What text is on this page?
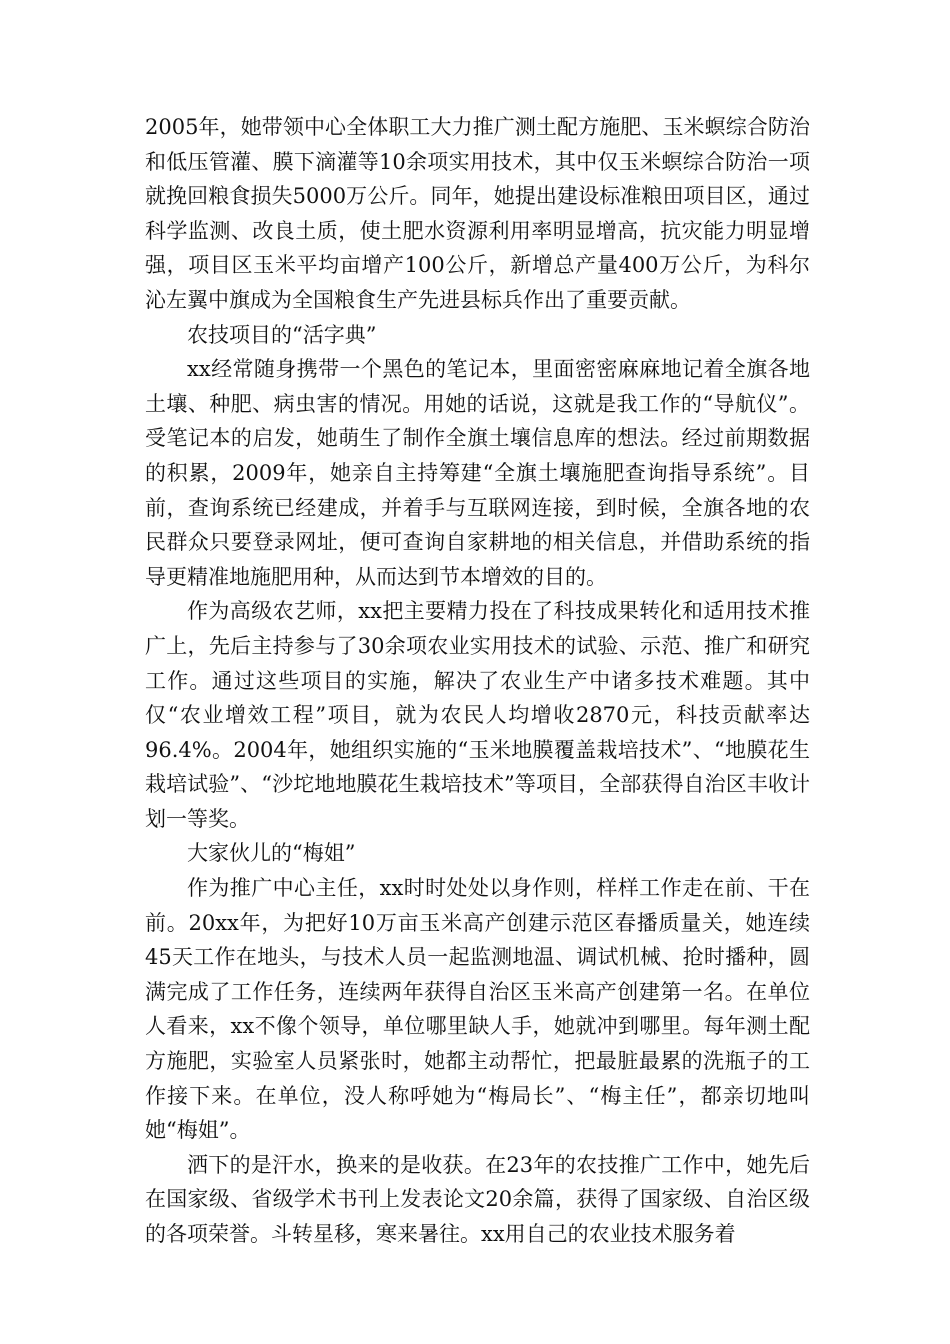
2005年，她带领中心全体职工大力推广测土配方施肥、玉米螟综合防治和低压管灌、膜下滴灌等10余项实用技术，其中仅玉米螟综合防治一项就挽回粮食损失5000万公斤。同年，她提出建设标准粮田项目区，通过科学监测、改良土质，使土肥水资源利用率明显增高，抗灾能力明显增强，项目区玉米平均亩增产100公斤，新增总产量400万公斤，为科尔沁左翼中旗成为全国粮食生产先进县标兵作出了重要贡献。

农技项目的“活字典”

xx经常随身携带一个黑色的笔记本，里面密密麻麻地记着全旗各地土壤、种肥、病虫害的情况。用她的话说，这就是我工作的“导航仪”。受笔记本的启发，她萌生了制作全旗土壤信息库的想法。经过前期数据的积累，2009年，她亲自主持筹建“全旗土壤施肥查询指导系统”。目前，查询系统已经建成，并着手与互联网连接，到时候，全旗各地的农民群众只要登录网址，便可查询自家耕地的相关信息，并借助系统的指导更精准地施肥用种，从而达到节本增效的目的。

作为高级农艺师，xx把主要精力投在了科技成果转化和适用技术推广上，先后主持参与了30余项农业实用技术的试验、示范、推广和研究工作。通过这些项目的实施，解决了农业生产中诸多技术难题。其中仅“农业增效工程”项目，就为农民人均增收2870元，科技贡献率达96.4%。2004年，她组织实施的“玉米地膜覆盖栽培技术”、“地膜花生栽培试验”、“沙坨地地膜花生栽培技术”等项目，全部获得自治区丰收计划一等奖。

大家伙儿的“梅姐”

作为推广中心主任，xx时时处处以身作则，样样工作走在前、干在前。20xx年，为把好10万亩玉米高产创建示范区春播质量关，她连续45天工作在地头，与技术人员一起监测地温、调试机械、抢时播种，圆满完成了工作任务，连续两年获得自治区玉米高产创建第一名。在单位人看来，xx不像个领导，单位哪里缺人手，她就冲到哪里。每年测土配方施肥，实验室人员紧张时，她都主动帮忙，把最脏最累的洗瓶子的工作接下来。在单位，没人称呼她为“梅局长”、“梅主任”，都亲切地叫她“梅姐”。

洒下的是汗水，换来的是收获。在23年的农技推广工作中，她先后在国家级、省级学术书刊上发表论文20余篇，获得了国家级、自治区级的各项荣誉。斗转星移，寒来暑往。xx用自己的农业技术服务着
